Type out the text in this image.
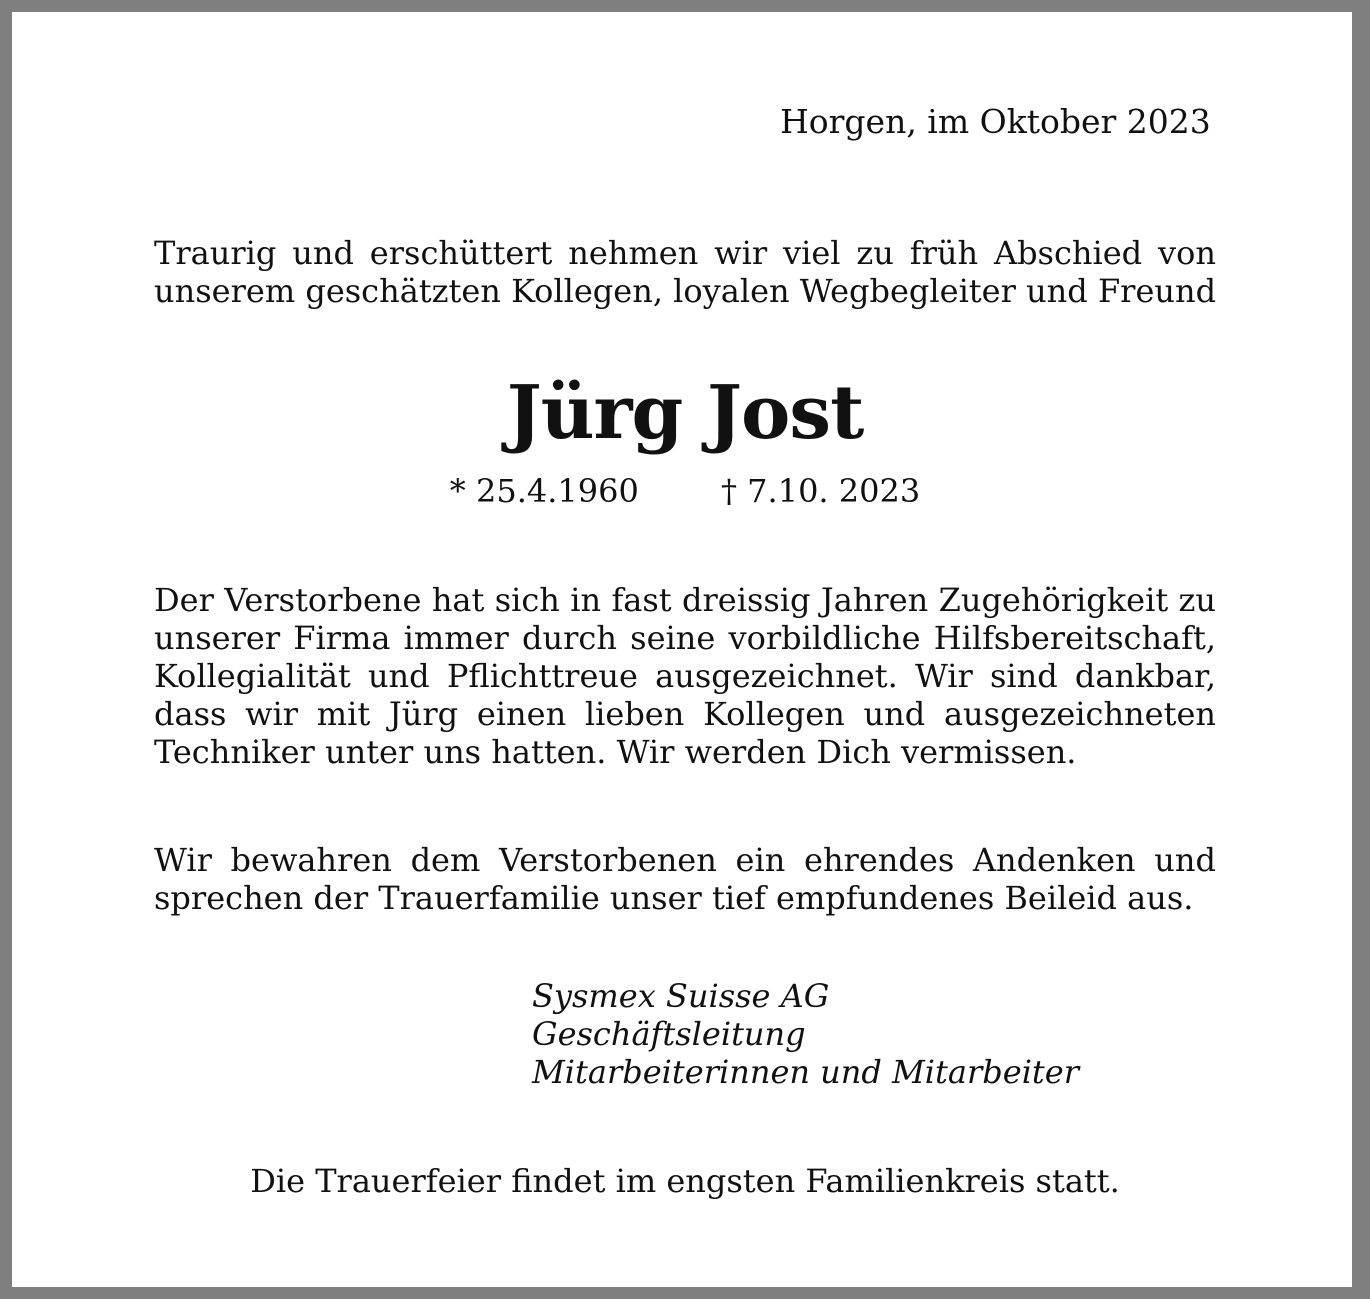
Horgen, im Oktober 2023

Traurig und erschüttert nehmen wir viel zu früh Abschied von
unserem geschätzten Kollegen, loyalen Wegbegleiter und Freund

Jürg Jost
* 25.4.1960	† 7.10. 2023

Der Verstorbene hat sich in fast dreissig Jahren Zugehörigkeit zu
unserer Firma immer durch seine vorbildliche Hilfsbereitschaft,
Kollegialität und Pflichttreue ausgezeichnet. Wir sind dankbar,
dass wir mit Jürg einen lieben Kollegen und ausgezeichneten
Techniker unter uns hatten. Wir werden Dich vermissen.

Wir bewahren dem Verstorbenen ein ehrendes Andenken und
sprechen der Trauerfamilie unser tief empfundenes Beileid aus.

Sysmex Suisse AG
Geschäftsleitung
Mitarbeiterinnen und Mitarbeiter
Die Trauerfeier findet im engsten Familienkreis statt.
